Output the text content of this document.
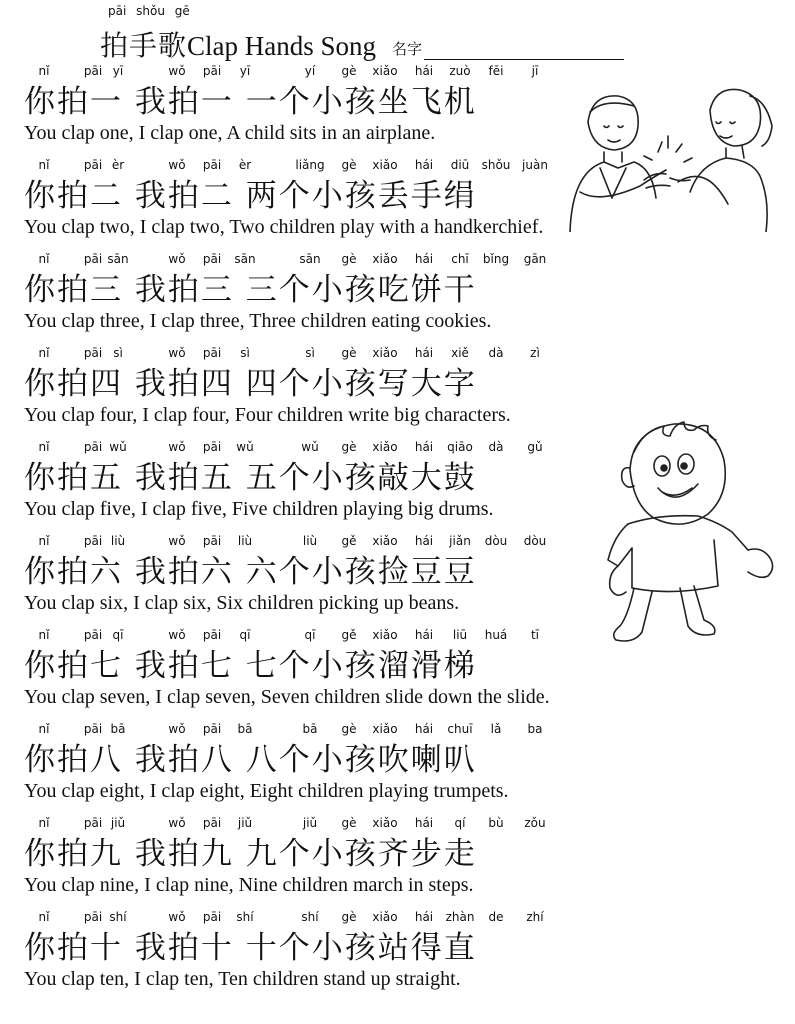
pāi shǒu gē
拍手歌Clap Hands Song 名字
nǐ	pāi yī	wǒ pāi yī	yí gè xiǎo hái zuò fēi jī
你拍一 我拍一 一个小孩坐飞机
You clap one, I clap one, A child sits in an airplane.
nǐ	pāi èr	wǒ pāi èr	liǎng gè xiǎo hái diū shǒu juàn
你拍二 我拍二 两个小孩丢手绢
You clap two, I clap two, Two children play with a handkerchief.
nǐ	pāi sān	wǒ pāi sān	sān gè xiǎo hái chī bǐng gān
你拍三 我拍三 三个小孩吃饼干
You clap three, I clap three, Three children eating cookies.
nǐ	pāi sì	wǒ pāi sì	sì gè xiǎo hái xiě dà zì
你拍四 我拍四 四个小孩写大字
You clap four, I clap four, Four children write big characters.
nǐ	pāi wǔ	wǒ pāi wǔ	wǔ gè xiǎo hái qiāo dà gǔ
你拍五 我拍五 五个小孩敲大鼓
You clap five, I clap five, Five children playing big drums.
nǐ	pāi liù	wǒ pāi liù	liù gě xiǎo hái jiǎn dòu dòu
你拍六 我拍六 六个小孩捡豆豆
You clap six, I clap six, Six children picking up beans.
nǐ	pāi qī	wǒ pāi qī	qī gě xiǎo hái liū huá tī
你拍七 我拍七 七个小孩溜滑梯
You clap seven, I clap seven, Seven children slide down the slide.
nǐ	pāi bā	wǒ pāi bā	bā gè xiǎo hái chuī lǎ ba
你拍八 我拍八 八个小孩吹喇叭
You clap eight, I clap eight, Eight children playing trumpets.
nǐ	pāi jiǔ	wǒ pāi jiǔ	jiǔ gè xiǎo hái qí bù zǒu
你拍九 我拍九 九个小孩齐步走
You clap nine, I clap nine, Nine children march in steps.
nǐ	pāi shí	wǒ pāi shí	shí gè xiǎo hái zhàn de zhí
你拍十 我拍十 十个小孩站得直
You clap ten, I clap ten, Ten children stand up straight.
